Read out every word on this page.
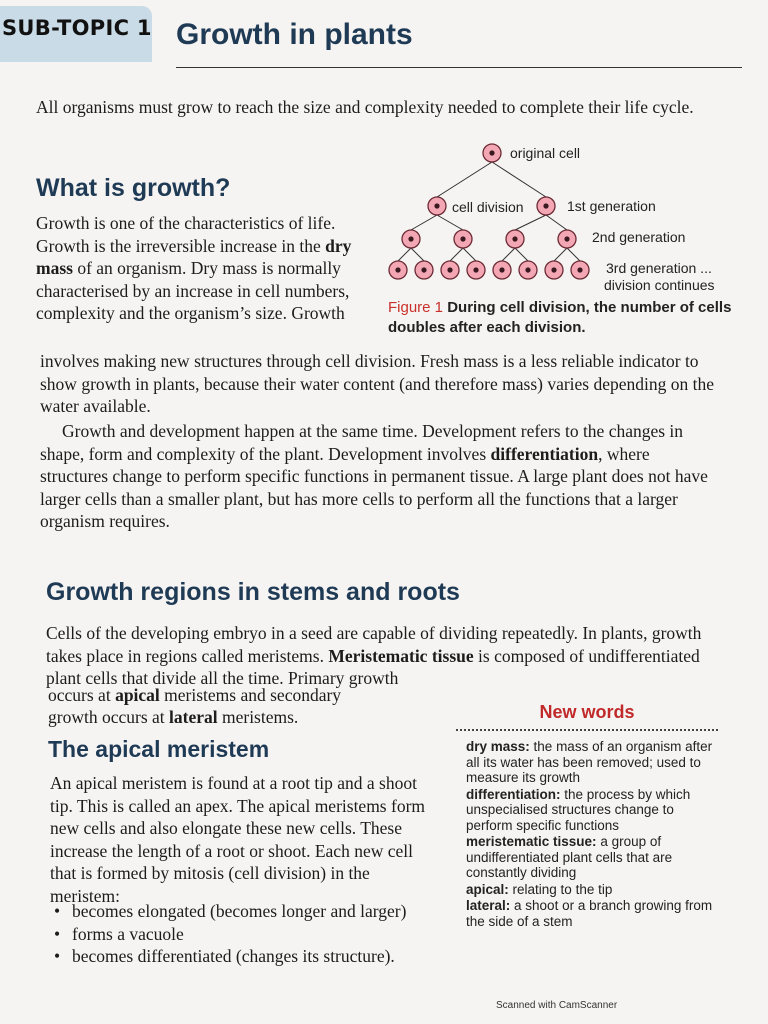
SUB-TOPIC 1 Growth in plants

All organisms must grow to reach the size and complexity needed to complete their life cycle.

What is growth?

Growth is one of the characteristics of life. Growth is the irreversible increase in the dry mass of an organism. Dry mass is normally characterised by an increase in cell numbers, complexity and the organism’s size. Growth

involves making new structures through cell division. Fresh mass is a less reliable indicator to show growth in plants, because their water content (and therefore mass) varies depending on the water available.

Growth and development happen at the same time. Development refers to the changes in shape, form and complexity of the plant. Development involves differentiation, where structures change to perform specific functions in permanent tissue. A large plant does not have larger cells than a smaller plant, but has more cells to perform all the functions that a larger organism requires.

original cell
cell division	1st generation
2nd generation
3rd generation ...
division continues
Figure 1 During cell division, the number of cells doubles after each division.
Growth regions in stems and roots

Cells of the developing embryo in a seed are capable of dividing repeatedly. In plants, growth takes place in regions called meristems. Meristematic tissue is composed of undifferentiated plant cells that divide all the time. Primary growth

occurs at apical meristems and secondary

growth occurs at lateral meristems.

The apical meristem

An apical meristem is found at a root tip and a shoot tip. This is called an apex. The apical meristems form new cells and also elongate these new cells. These increase the length of a root or shoot. Each new cell that is formed by mitosis (cell division) in the meristem:

• becomes elongated (becomes longer and larger)
• forms a vacuole
• becomes differentiated (changes its structure).
New words

dry mass: the mass of an organism after all its water has been removed; used to measure its growth

differentiation: the process by which unspecialised structures change to perform specific functions

meristematic tissue: a group of undifferentiated plant cells that are constantly dividing

apical: relating to the tip

lateral: a shoot or a branch growing from the side of a stem

Scanned with CamScanner
